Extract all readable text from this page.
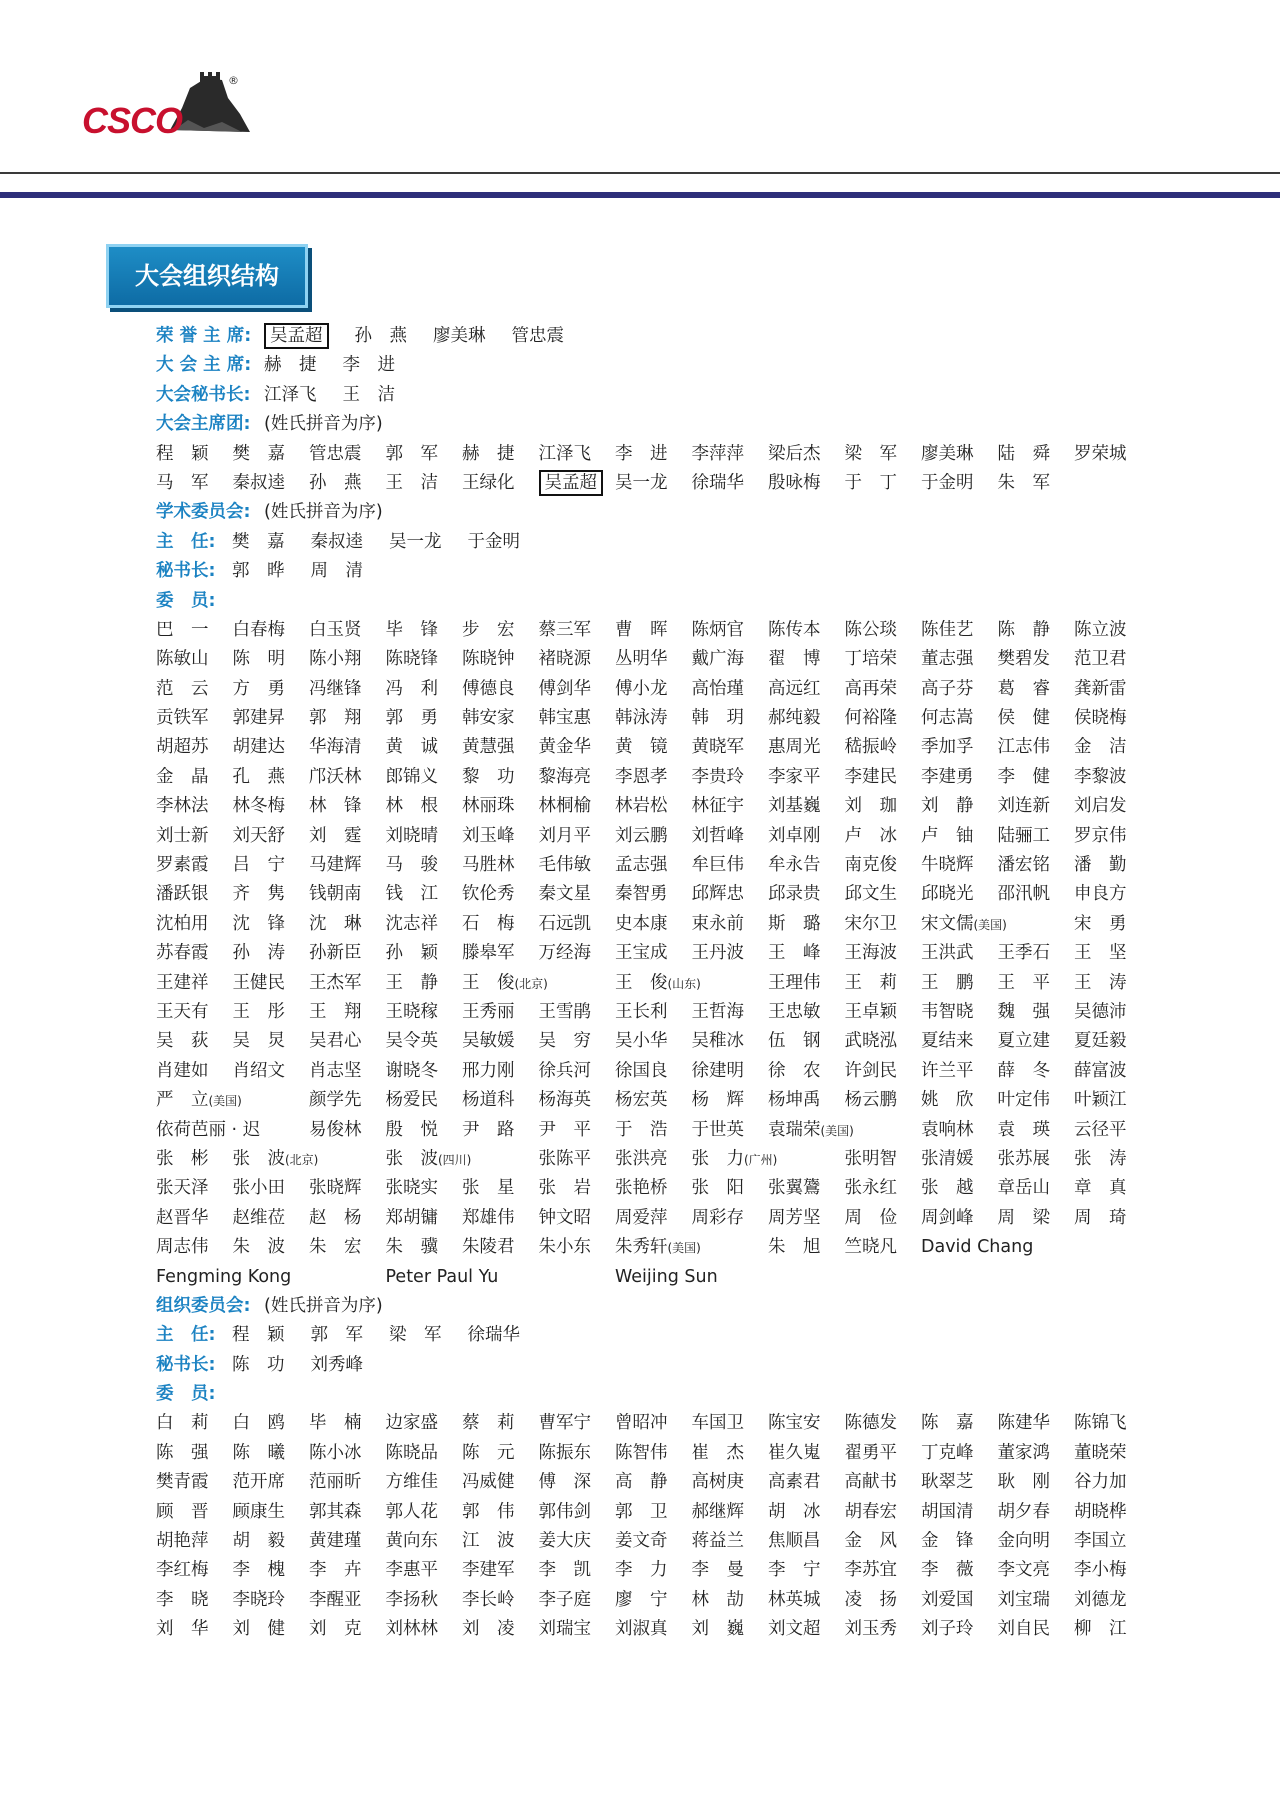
CSCO
®
大会组织结构
荣 誉 主 席: 吴孟超 孙　燕 廖美琳 管忠震
大 会 主 席: 赫　捷 李　进
大会秘书长: 江泽飞 王　洁
大会主席团: (姓氏拼音为序)
程　颖 樊　嘉 管忠震 郭　军 赫　捷 江泽飞 李　进 李萍萍 梁后杰 梁　军 廖美琳 陆　舜 罗荣城
马　军 秦叔逵 孙　燕 王　洁 王绿化	吴孟超	吴一龙 徐瑞华 殷咏梅 于　丁 于金明 朱　军
学术委员会: (姓氏拼音为序)
主　任: 樊　嘉 秦叔逵 吴一龙 于金明
秘书长: 郭　晔 周　清
委　员:
巴　一 白春梅 白玉贤 毕　锋 步　宏 蔡三军 曹　晖 陈炳官 陈传本 陈公琰 陈佳艺 陈　静 陈立波
陈敏山 陈　明 陈小翔 陈晓锋 陈晓钟 褚晓源 丛明华 戴广海 翟　博 丁培荣 董志强 樊碧发 范卫君
范　云 方　勇 冯继锋 冯　利 傅德良 傅剑华 傅小龙 高怡瑾 高远红 高再荣 高子芬 葛　睿 龚新雷
贡铁军 郭建昇 郭　翔 郭　勇 韩安家 韩宝惠 韩泳涛 韩　玥 郝纯毅 何裕隆 何志嵩 侯　健 侯晓梅
胡超苏 胡建达 华海清 黄　诚 黄慧强 黄金华 黄　镜 黄晓军 惠周光 嵇振岭 季加孚 江志伟 金　洁
金　晶 孔　燕 邝沃林 郎锦义 黎　功 黎海亮 李恩孝 李贵玲 李家平 李建民 李建勇 李　健 李黎波
李林法 林冬梅 林　锋 林　根 林丽珠 林桐榆 林岩松 林征宇 刘基巍 刘　珈 刘　静 刘连新 刘启发
刘士新 刘天舒 刘　霆 刘晓晴 刘玉峰 刘月平 刘云鹏 刘哲峰 刘卓刚 卢　冰 卢　铀 陆骊工 罗京伟
罗素霞 吕　宁 马建辉 马　骏 马胜林 毛伟敏 孟志强 牟巨伟 牟永告 南克俊 牛晓辉 潘宏铭 潘　勤
潘跃银 齐　隽 钱朝南 钱　江 钦伦秀 秦文星 秦智勇 邱辉忠 邱录贵 邱文生 邱晓光 邵汛帆 申良方
沈柏用 沈　锋 沈　琳 沈志祥 石　梅 石远凯 史本康 束永前 斯　璐 宋尔卫 宋文儒(美国)	宋　勇
苏春霞 孙　涛 孙新臣 孙　颖 滕皋军 万经海 王宝成 王丹波 王　峰 王海波 王洪武 王季石 王　坚
王建祥 王健民 王杰军 王　静 王　俊(北京)	王　俊(山东)	王理伟 王　莉 王　鹏 王　平 王　涛
王天有 王　彤 王　翔 王晓稼 王秀丽 王雪鹃 王长利 王哲海 王忠敏 王卓颖 韦智晓 魏　强 吴德沛
吴　荻 吴　炅 吴君心 吴令英 吴敏媛 吴　穷 吴小华 吴稚冰 伍　钢 武晓泓 夏结来 夏立建 夏廷毅
肖建如 肖绍文 肖志坚 谢晓冬 邢力刚 徐兵河 徐国良 徐建明 徐　农 许剑民 许兰平 薛　冬 薛富波
严　立(美国)	颜学先 杨爱民 杨道科 杨海英 杨宏英 杨　辉 杨坤禹 杨云鹏 姚　欣 叶定伟 叶颖江
依荷芭丽 · 迟	易俊林 殷　悦 尹　路 尹　平 于　浩 于世英 袁瑞荣(美国)	袁响林 袁　瑛 云径平
张　彬 张　波(北京)	张　波(四川)	张陈平 张洪亮 张　力(广州)	张明智 张清媛 张苏展 张　涛
张天泽 张小田 张晓辉 张晓实 张　星 张　岩 张艳桥 张　阳 张翼鷟 张永红 张　越 章岳山 章　真
赵晋华 赵维莅 赵　杨 郑胡镛 郑雄伟 钟文昭 周爱萍 周彩存 周芳坚 周　俭 周剑峰 周　梁 周　琦
周志伟 朱　波 朱　宏 朱　骥 朱陵君 朱小东 朱秀轩(美国)	朱　旭 竺晓凡 David Chang
Fengming Kong	Peter Paul Yu	Weijing Sun
组织委员会: (姓氏拼音为序)
主　任: 程　颖 郭　军 梁　军 徐瑞华
秘书长: 陈　功 刘秀峰
委　员:
白　莉 白　鸥 毕　楠 边家盛 蔡　莉 曹军宁 曾昭冲 车国卫 陈宝安 陈德发 陈　嘉 陈建华 陈锦飞
陈　强 陈　曦 陈小冰 陈晓品 陈　元 陈振东 陈智伟 崔　杰 崔久嵬 翟勇平 丁克峰 董家鸿 董晓荣
樊青霞 范开席 范丽昕 方维佳 冯威健 傅　深 高　静 高树庚 高素君 高献书 耿翠芝 耿　刚 谷力加
顾　晋 顾康生 郭其森 郭人花 郭　伟 郭伟剑 郭　卫 郝继辉 胡　冰 胡春宏 胡国清 胡夕春 胡晓桦
胡艳萍 胡　毅 黄建瑾 黄向东 江　波 姜大庆 姜文奇 蒋益兰 焦顺昌 金　风 金　锋 金向明 李国立
李红梅 李　槐 李　卉 李惠平 李建军 李　凯 李　力 李　曼 李　宁 李苏宜 李　薇 李文亮 李小梅
李　晓 李晓玲 李醒亚 李扬秋 李长岭 李子庭 廖　宁 林　劼 林英城 凌　扬 刘爱国 刘宝瑞 刘德龙
刘　华 刘　健 刘　克 刘林林 刘　凌 刘瑞宝 刘淑真 刘　巍 刘文超 刘玉秀 刘子玲 刘自民 柳　江
